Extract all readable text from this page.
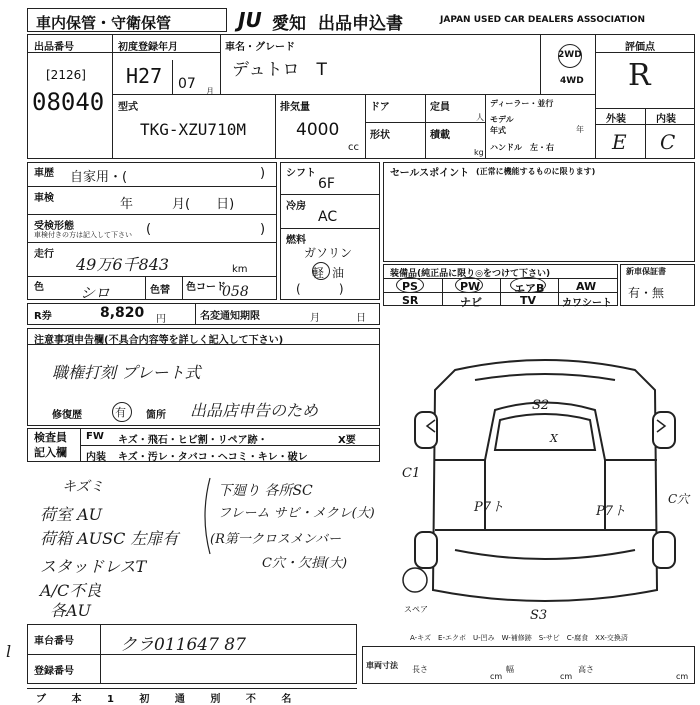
車内保管・守衛保管	JU 愛知 出品申込書	JAPAN USED CAR DEALERS ASSOCIATION
出品番号
[2126]
08040
初度登録年月
H27 07 月
車名・グレード
デュトロ　T
2WD
4WD
評価点
R
外装	内装
E C
型式
TKG-XZU710M
排気量
4000
cc
ドア
形状
定員
人
積載
kg
ディーラー・並行
モデル年式	年
ハンドル　左・右
車歴 自家用・(	)
車検	年　　　月(　　日)
受検形態
車検付きの方は記入して下さい (	)
走行
49万6千843	km
色 シロ	色替 色コード
058
シフト
6F
冷房
AC
燃料
ガソリン
軽 油
(          )
セールスポイント (正常に機能するものに限ります)
装備品(純正品に限り◎をつけて下さい)
PS	PW	エアB	AW
SR	ナビ	TV	カワシート
新車保証書
有・無
R券	8,820 円	名変通知期限	月	日
注意事項申告欄(不具合内容等を詳しく記入して下さい)
職権打刻 プレート式
修復歴	有 箇所 出品店申告のため
検査員記入欄
FW キズ・飛石・ヒビ割・リペア跡・	X要
内装 キズ・汚レ・タバコ・ヘコミ・キレ・破レ
キズミ
荷室 AU
荷箱 AUSC 左扉有
スタッドレスT
A/C不良
各AU
下廻り 各所SC
フレーム サビ・メクレ(大)
(R第一クロスメンバー
C穴・欠損(大)
S2
X
C1
P7ト	P7ト
C穴
S3
スペア
A-キズ　E-エクボ　U-凹み　W-補修跡　S-サビ　C-腐食　XX-交換済
l
車台番号	クラ011647 87
登録番号
車両寸法 長さ	幅	高さ
cm	cm	cm
ブ	本	1	初	通	別	不	名
